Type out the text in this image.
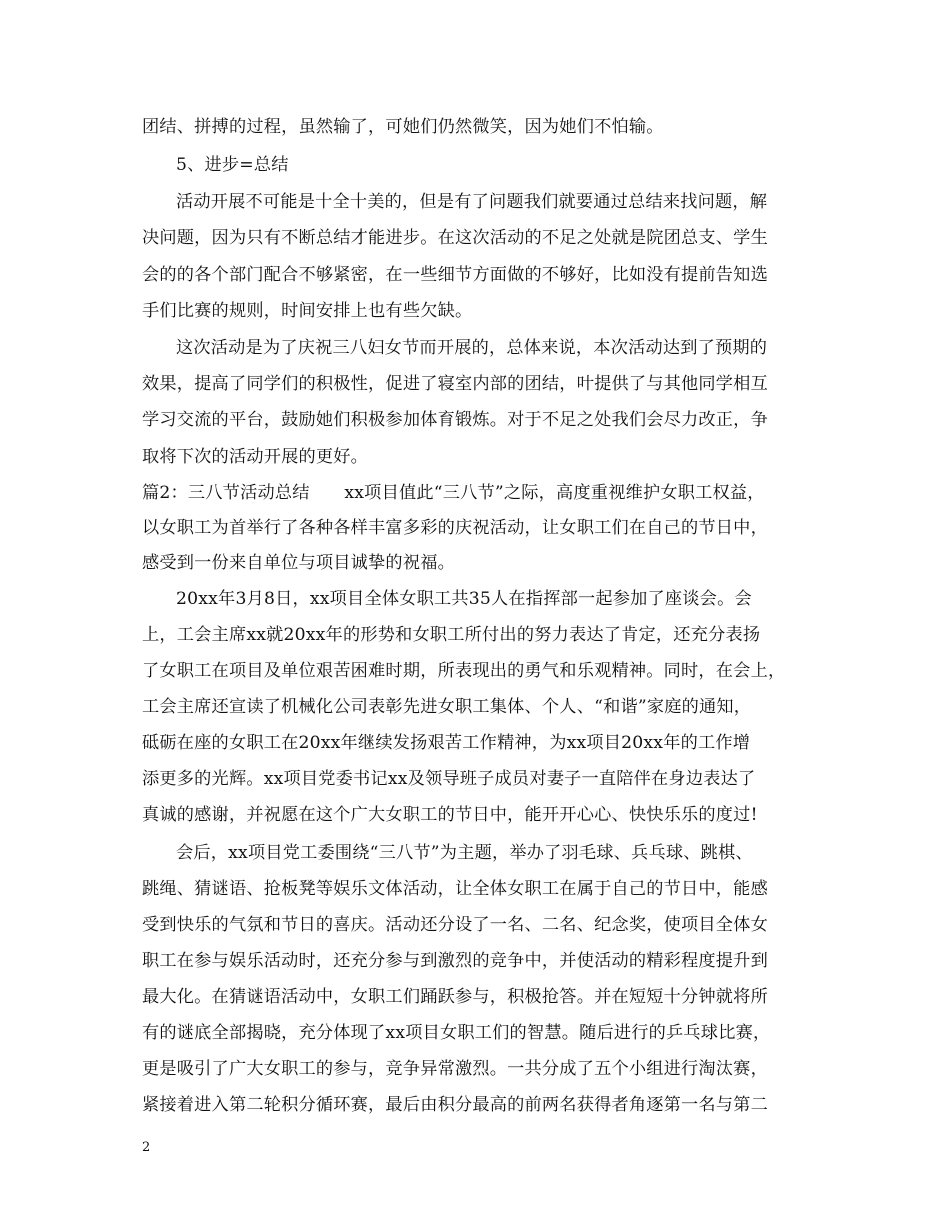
团结、拼搏的过程，虽然输了，可她们仍然微笑，因为她们不怕输。
5、进步=总结
活动开展不可能是十全十美的，但是有了问题我们就要通过总结来找问题，解
决问题，因为只有不断总结才能进步。在这次活动的不足之处就是院团总支、学生
会的的各个部门配合不够紧密，在一些细节方面做的不够好，比如没有提前告知选
手们比赛的规则，时间安排上也有些欠缺。
这次活动是为了庆祝三八妇女节而开展的，总体来说，本次活动达到了预期的
效果，提高了同学们的积极性，促进了寝室内部的团结，叶提供了与其他同学相互
学习交流的平台，鼓励她们积极参加体育锻炼。对于不足之处我们会尽力改正，争
取将下次的活动开展的更好。
篇2：三八节活动总结　　xx项目值此“三八节”之际，高度重视维护女职工权益，
以女职工为首举行了各种各样丰富多彩的庆祝活动，让女职工们在自己的节日中，
感受到一份来自单位与项目诚挚的祝福。
20xx年3月8日，xx项目全体女职工共35人在指挥部一起参加了座谈会。会
上，工会主席xx就20xx年的形势和女职工所付出的努力表达了肯定，还充分表扬
了女职工在项目及单位艰苦困难时期，所表现出的勇气和乐观精神。同时，在会上，
工会主席还宣读了机械化公司表彰先进女职工集体、个人、“和谐”家庭的通知，
砥砺在座的女职工在20xx年继续发扬艰苦工作精神，为xx项目20xx年的工作增
添更多的光辉。xx项目党委书记xx及领导班子成员对妻子一直陪伴在身边表达了
真诚的感谢，并祝愿在这个广大女职工的节日中，能开开心心、快快乐乐的度过!
会后，xx项目党工委围绕“三八节”为主题，举办了羽毛球、兵乓球、跳棋、
跳绳、猜谜语、抢板凳等娱乐文体活动，让全体女职工在属于自己的节日中，能感
受到快乐的气氛和节日的喜庆。活动还分设了一名、二名、纪念奖，使项目全体女
职工在参与娱乐活动时，还充分参与到激烈的竞争中，并使活动的精彩程度提升到
最大化。在猜谜语活动中，女职工们踊跃参与，积极抢答。并在短短十分钟就将所
有的谜底全部揭晓，充分体现了xx项目女职工们的智慧。随后进行的乒乓球比赛，
更是吸引了广大女职工的参与，竞争异常激烈。一共分成了五个小组进行淘汰赛，
紧接着进入第二轮积分循环赛，最后由积分最高的前两名获得者角逐第一名与第二
2
